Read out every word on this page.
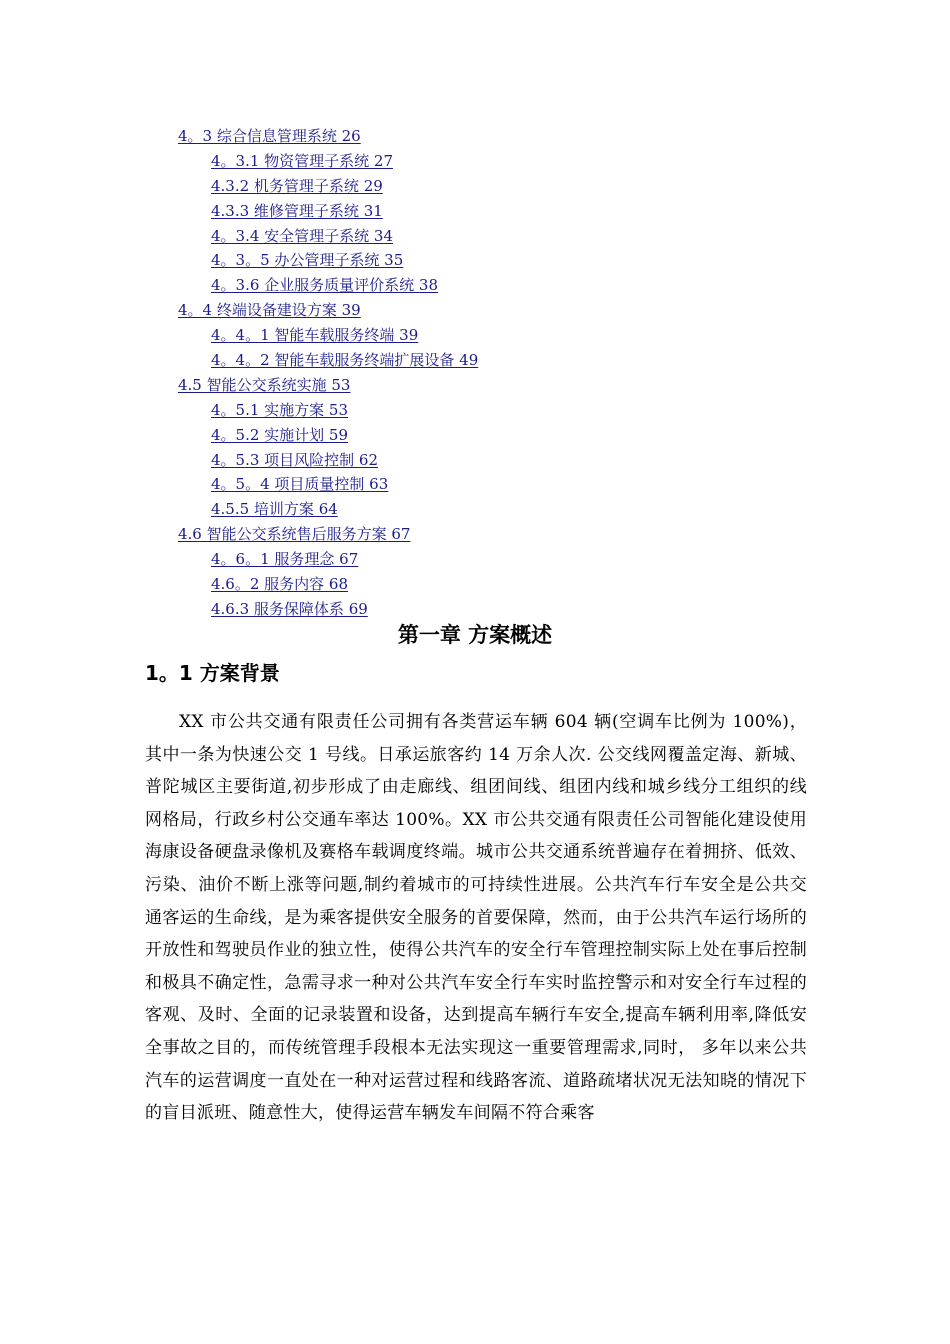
4。3 综合信息管理系统 26
4。3.1 物资管理子系统 27
4.3.2 机务管理子系统 29
4.3.3 维修管理子系统 31
4。3.4 安全管理子系统 34
4。3。5 办公管理子系统 35
4。3.6 企业服务质量评价系统 38
4。4 终端设备建设方案 39
4。4。1 智能车载服务终端 39
4。4。2 智能车载服务终端扩展设备 49
4.5 智能公交系统实施 53
4。5.1 实施方案 53
4。5.2 实施计划 59
4。5.3 项目风险控制 62
4。5。4 项目质量控制 63
4.5.5 培训方案 64
4.6 智能公交系统售后服务方案 67
4。6。1 服务理念 67
4.6。2 服务内容 68
4.6.3 服务保障体系 69
第一章 方案概述
1。1 方案背景

XX 市公共交通有限责任公司拥有各类营运车辆 604 辆(空调车比例为 100%)， 其中一条为快速公交 1 号线。日承运旅客约 14 万余人次. 公交线网覆盖定海、新城、普陀城区主要街道,初步形成了由走廊线、组团间线、组团内线和城乡线分工组织的线网格局，行政乡村公交通车率达 100%。XX 市公共交通有限责任公司智能化建设使用海康设备硬盘录像机及赛格车载调度终端。城市公共交通系统普遍存在着拥挤、低效、污染、油价不断上涨等问题,制约着城市的可持续性进展。公共汽车行车安全是公共交通客运的生命线，是为乘客提供安全服务的首要保障，然而，由于公共汽车运行场所的开放性和驾驶员作业的独立性，使得公共汽车的安全行车管理控制实际上处在事后控制和极具不确定性，急需寻求一种对公共汽车安全行车实时监控警示和对安全行车过程的客观、及时、全面的记录装置和设备，达到提高车辆行车安全,提高车辆利用率,降低安全事故之目的，而传统管理手段根本无法实现这一重要管理需求,同时， 多年以来公共汽车的运营调度一直处在一种对运营过程和线路客流、道路疏堵状况无法知晓的情况下的盲目派班、随意性大，使得运营车辆发车间隔不符合乘客
